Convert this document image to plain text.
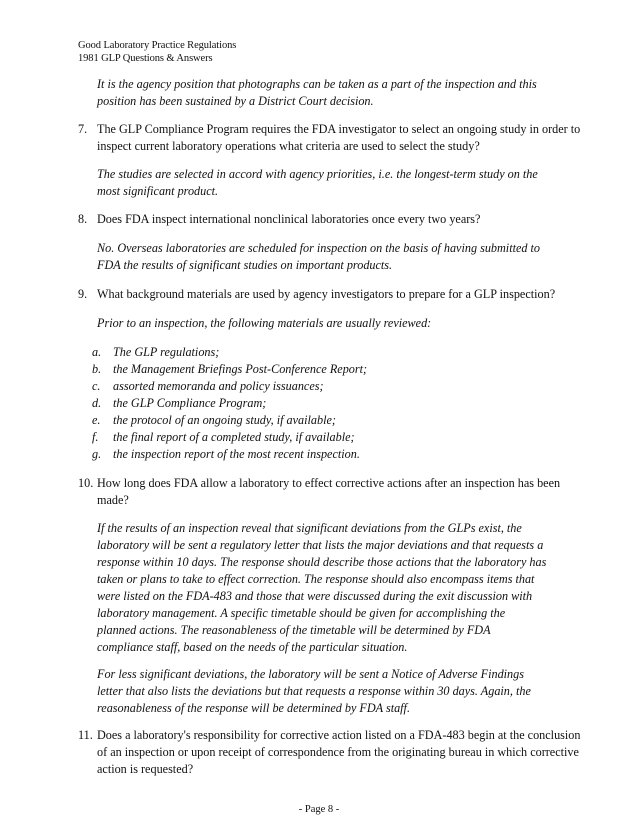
Good Laboratory Practice Regulations
1981 GLP Questions & Answers
It is the agency position that photographs can be taken as a part of the inspection and this
position has been sustained by a District Court decision.
7. The GLP Compliance Program requires the FDA investigator to select an ongoing study in order to
inspect current laboratory operations what criteria are used to select the study?
The studies are selected in accord with agency priorities, i.e. the longest-term study on the
most significant product.
8. Does FDA inspect international nonclinical laboratories once every two years?
No. Overseas laboratories are scheduled for inspection on the basis of having submitted to
FDA the results of significant studies on important products.
9. What background materials are used by agency investigators to prepare for a GLP inspection?
Prior to an inspection, the following materials are usually reviewed:
a. The GLP regulations;
b. the Management Briefings Post-Conference Report;
c. assorted memoranda and policy issuances;
d. the GLP Compliance Program;
e. the protocol of an ongoing study, if available;
f. the final report of a completed study, if available;
g. the inspection report of the most recent inspection.
10. How long does FDA allow a laboratory to effect corrective actions after an inspection has been
made?
If the results of an inspection reveal that significant deviations from the GLPs exist, the
laboratory will be sent a regulatory letter that lists the major deviations and that requests a
response within 10 days. The response should describe those actions that the laboratory has
taken or plans to take to effect correction. The response should also encompass items that
were listed on the FDA-483 and those that were discussed during the exit discussion with
laboratory management. A specific timetable should be given for accomplishing the
planned actions. The reasonableness of the timetable will be determined by FDA
compliance staff, based on the needs of the particular situation.
For less significant deviations, the laboratory will be sent a Notice of Adverse Findings
letter that also lists the deviations but that requests a response within 30 days. Again, the
reasonableness of the response will be determined by FDA staff.
11. Does a laboratory's responsibility for corrective action listed on a FDA-483 begin at the conclusion
of an inspection or upon receipt of correspondence from the originating bureau in which corrective
action is requested?
- Page 8 -
